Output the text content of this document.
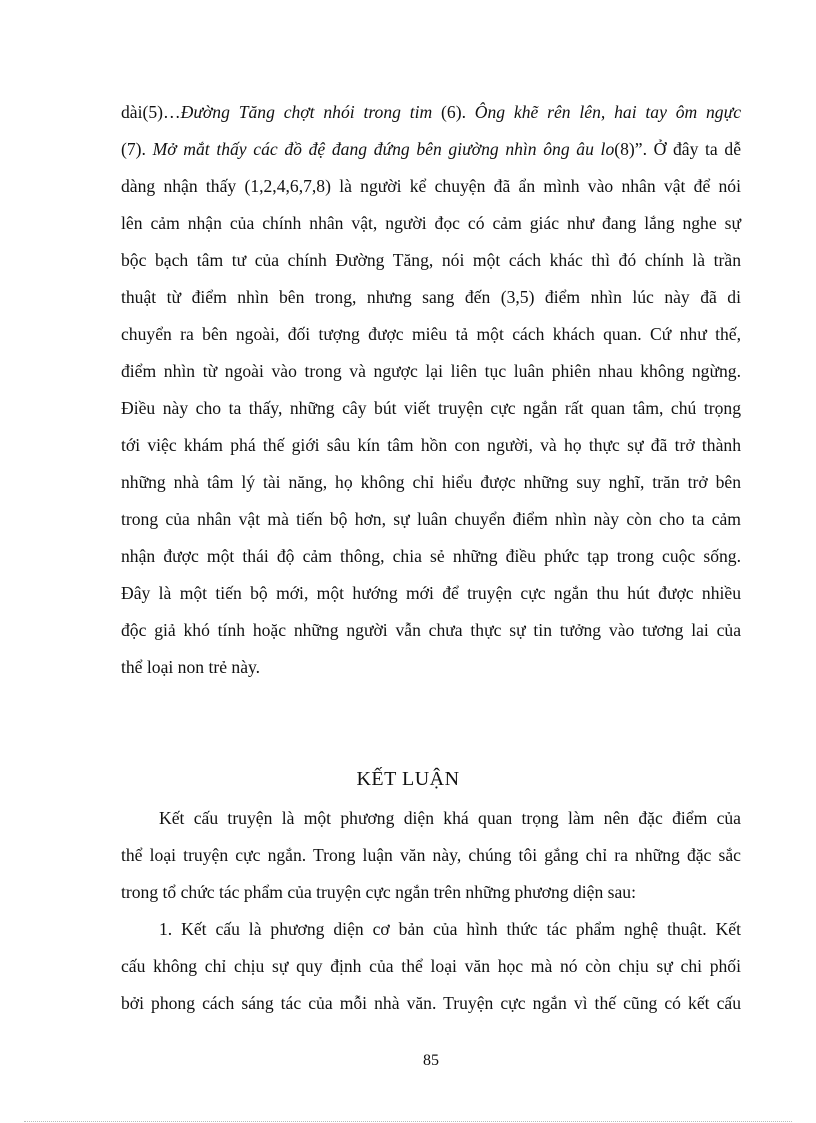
dài(5)…Đường Tăng chợt nhói trong tim (6). Ông khẽ rên lên, hai tay ôm ngực
(7). Mở mắt thấy các đồ đệ đang đứng bên giường nhìn ông âu lo(8)”. Ở đây ta dễ
dàng nhận thấy (1,2,4,6,7,8) là người kể chuyện đã ẩn mình vào nhân vật để nói
lên cảm nhận của chính nhân vật, người đọc có cảm giác như đang lắng nghe sự
bộc bạch tâm tư của chính Đường Tăng, nói một cách khác thì đó chính là trần
thuật từ điểm nhìn bên trong, nhưng sang đến (3,5) điểm nhìn lúc này đã di
chuyển ra bên ngoài, đối tượng được miêu tả một cách khách quan. Cứ như thế,
điểm nhìn từ ngoài vào trong và ngược lại liên tục luân phiên nhau không ngừng.
Điều này cho ta thấy, những cây bút viết truyện cực ngắn rất quan tâm, chú trọng
tới việc khám phá thế giới sâu kín tâm hồn con người, và họ thực sự đã trở thành
những nhà tâm lý tài năng, họ không chỉ hiểu được những suy nghĩ, trăn trở bên
trong của nhân vật mà tiến bộ hơn, sự luân chuyển điểm nhìn này còn cho ta cảm
nhận được một thái độ cảm thông, chia sẻ những điều phức tạp trong cuộc sống.
Đây là một tiến bộ mới, một hướng mới để truyện cực ngắn thu hút được nhiều
độc giả khó tính hoặc những người vẫn chưa thực sự tin tưởng vào tương lai của
thể loại non trẻ này.
KẾT LUẬN
Kết cấu truyện là một phương diện khá quan trọng làm nên đặc điểm của
thể loại truyện cực ngắn. Trong luận văn này, chúng tôi gắng chỉ ra những đặc sắc
trong tổ chức tác phẩm của truyện cực ngắn trên những phương diện sau:
1. Kết cấu là phương diện cơ bản của hình thức tác phẩm nghệ thuật. Kết
cấu không chỉ chịu sự quy định của thể loại văn học mà nó còn chịu sự chi phối
bởi phong cách sáng tác của mỗi nhà văn. Truyện cực ngắn vì thế cũng có kết cấu
85
